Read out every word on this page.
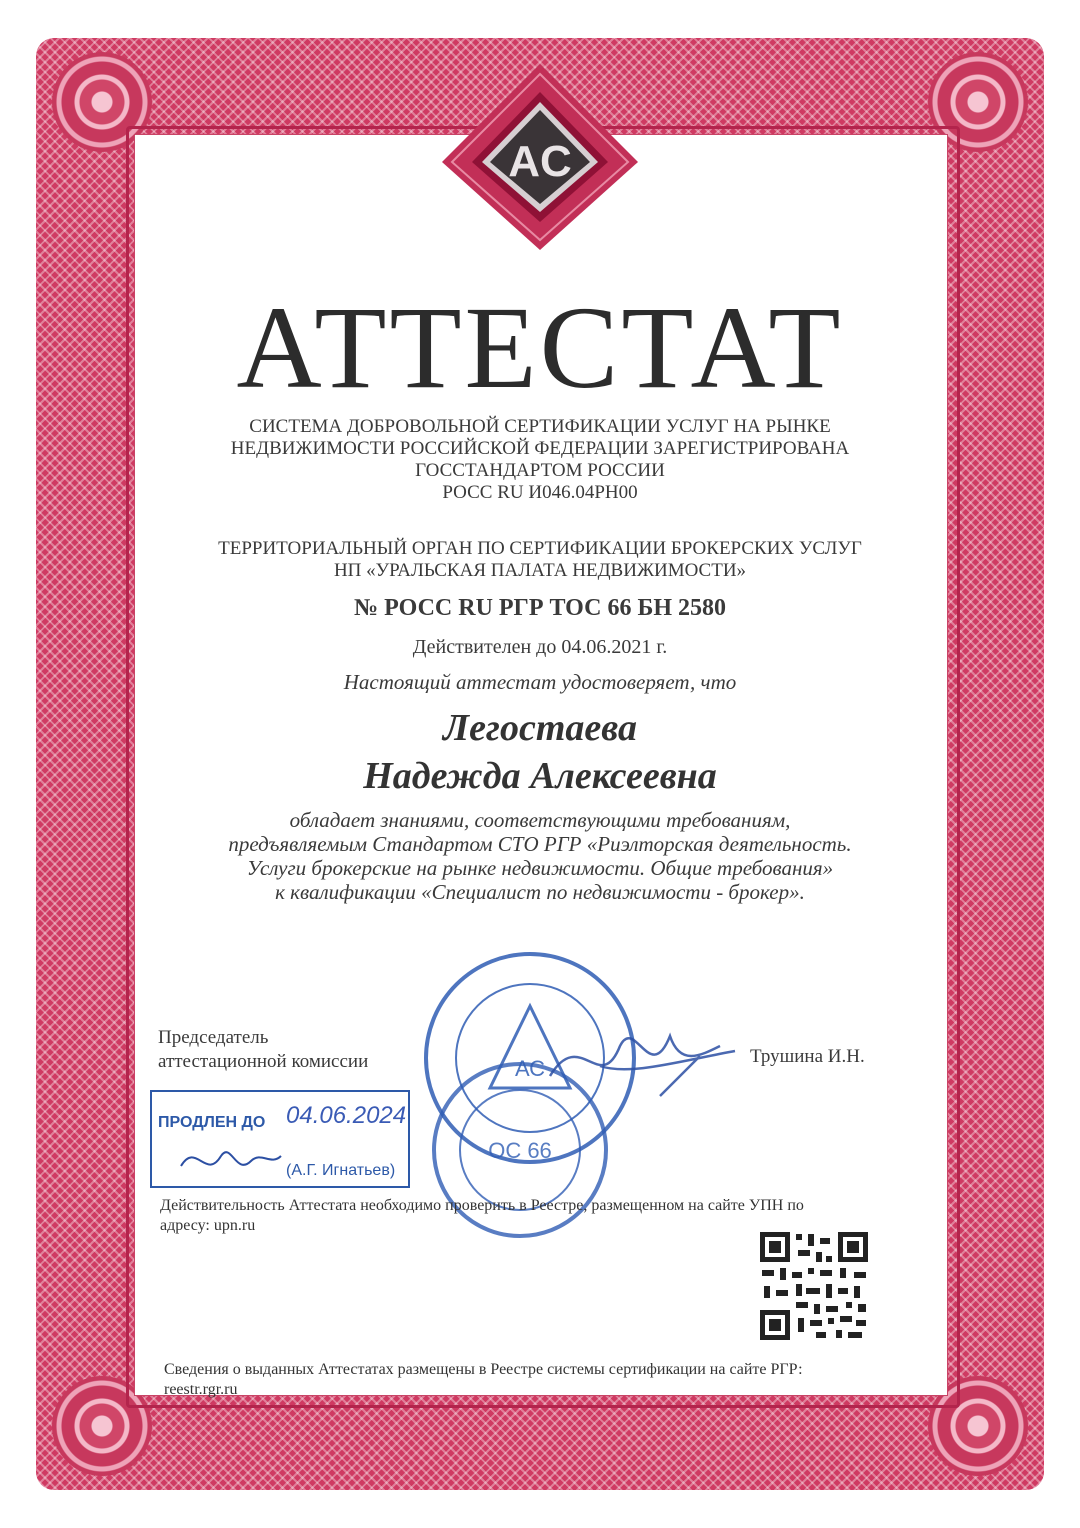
AC

АТТЕСТАТ

СИСТЕМА ДОБРОВОЛЬНОЙ СЕРТИФИКАЦИИ УСЛУГ НА РЫНКЕ
НЕДВИЖИМОСТИ РОССИЙСКОЙ ФЕДЕРАЦИИ ЗАРЕГИСТРИРОВАНА
ГОССТАНДАРТОМ РОССИИ
РОСС RU И046.04РН00
ТЕРРИТОРИАЛЬНЫЙ ОРГАН ПО СЕРТИФИКАЦИИ БРОКЕРСКИХ УСЛУГ
НП «УРАЛЬСКАЯ ПАЛАТА НЕДВИЖИМОСТИ»

№ РОСС RU РГР ТОС 66 БН 2580

Действителен до 04.06.2021 г.

Настоящий аттестат удостоверяет, что

Легостаева

Надежда Алексеевна

обладает знаниями, соответствующими требованиям,
предъявляемым Стандартом СТО РГР «Риэлторская деятельность.
Услуги брокерские на рынке недвижимости. Общие требования»
к квалификации «Специалист по недвижимости - брокер».
Председатель
аттестационной комиссии	Трушина И.Н.
АС
ОС 66
ПРОДЛЕН ДО 04.06.2024
(А.Г. Игнатьев)
Действительность Аттестата необходимо проверить в Реестре, размещенном на сайте УПН по
адресу: upn.ru
Сведения о выданных Аттестатах размещены в Реестре системы сертификации на сайте РГР:
reestr.rgr.ru
